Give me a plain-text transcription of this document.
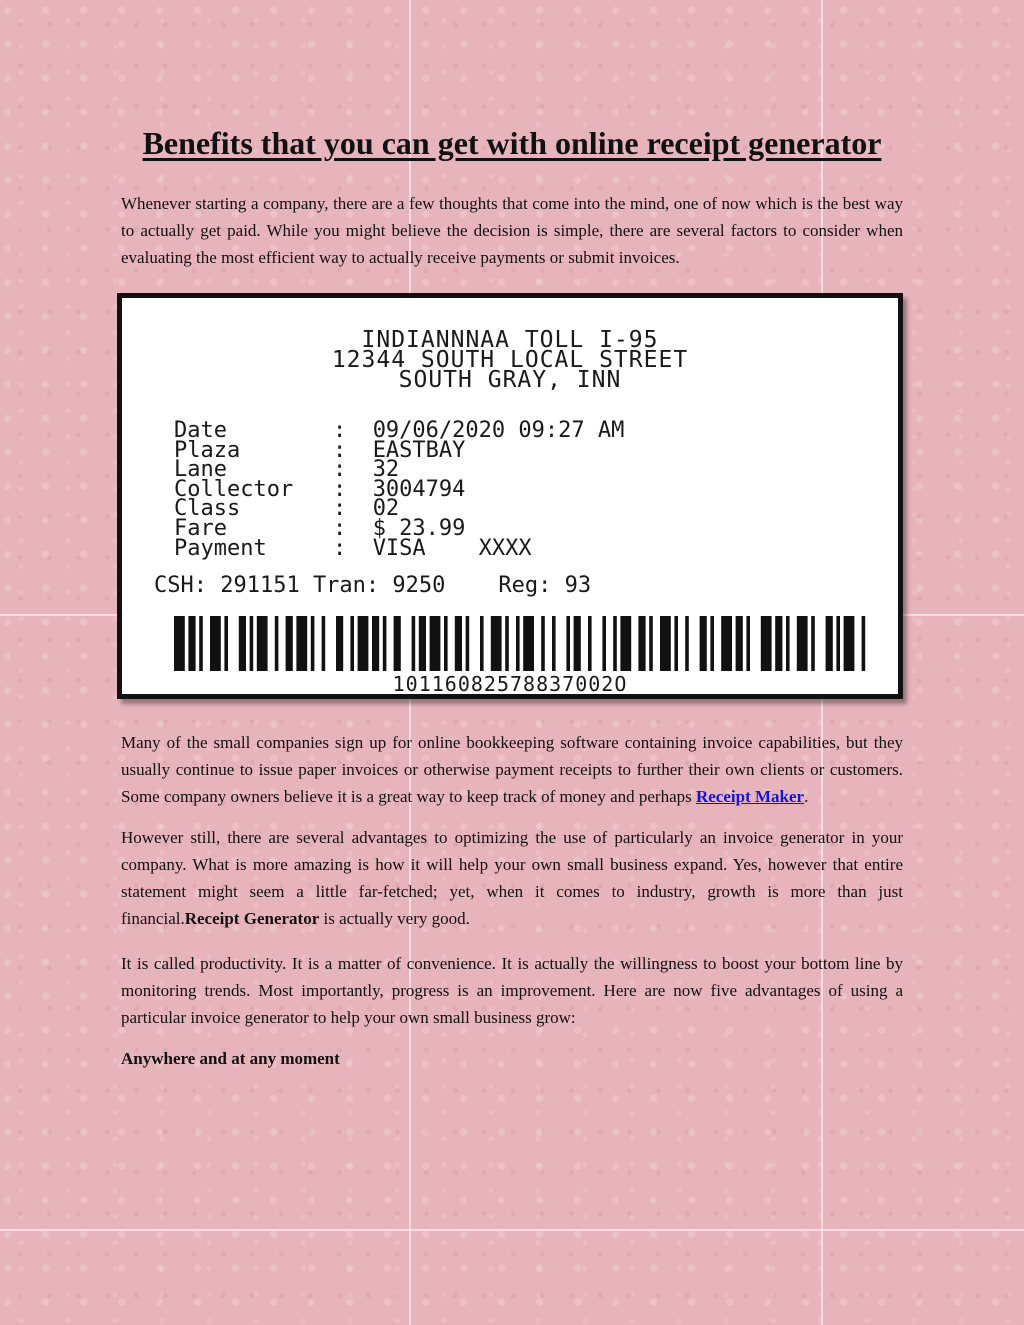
Benefits that you can get with online receipt generator

Whenever starting a company, there are a few thoughts that come into the mind, one of now which is the best way to actually get paid. While you might believe the decision is simple, there are several factors to consider when evaluating the most efficient way to actually receive payments or submit invoices.

INDIANNNAA TOLL I-95
12344 SOUTH LOCAL STREET
SOUTH GRAY, INN
Date        :  09/06/2020 09:27 AM
Plaza       :  EASTBAY
Lane        :  32
Collector   :  3004794
Class       :  02
Fare        :  $ 23.99
Payment     :  VISA    XXXX
CSH: 291151 Tran: 9250    Reg: 93
10116082578837002O

Many of the small companies sign up for online bookkeeping software containing invoice capabilities, but they usually continue to issue paper invoices or otherwise payment receipts to further their own clients or customers. Some company owners believe it is a great way to keep track of money and perhaps Receipt Maker.

However still, there are several advantages to optimizing the use of particularly an invoice generator in your company. What is more amazing is how it will help your own small business expand. Yes, however that entire statement might seem a little far-fetched; yet, when it comes to industry, growth is more than just financial.Receipt Generator is actually very good.

It is called productivity. It is a matter of convenience. It is actually the willingness to boost your bottom line by monitoring trends. Most importantly, progress is an improvement. Here are now five advantages of using a particular invoice generator to help your own small business grow:

Anywhere and at any moment
